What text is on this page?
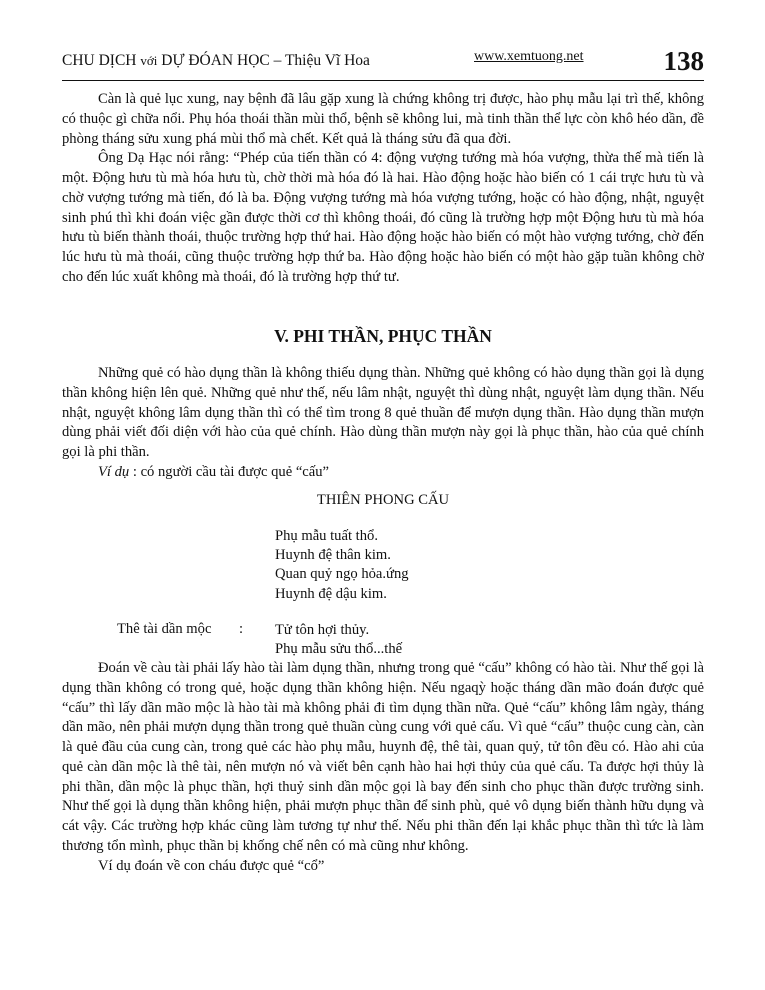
CHU DỊCH với DỰ ĐÓAN HỌC – Thiệu Vĩ Hoa	www.xemtuong.net	138

Càn là quẻ lục xung, nay bệnh đã lâu gặp xung là chứng không trị được, hào phụ mẫu lại trì thế, không có thuộc gì chữa nổi. Phụ hóa thoái thần mùi thổ, bệnh sẽ không lui, mà tinh thần thể lực còn khô héo dần, đề phòng tháng sửu xung phá mùi thổ mà chết. Kết quả là tháng sửu đã qua đời.

Ông Dạ Hạc nói rằng: “Phép của tiến thần có 4: động vượng tướng mà hóa vượng, thừa thế mà tiến là một. Động hưu tù mà hóa hưu tù, chờ thời mà hóa đó là hai. Hào động hoặc hào biến có 1 cái trực hưu tù và chờ vượng tướng mà tiến, đó là ba. Động vượng tướng mà hóa vượng tướng, hoặc có hào động, nhật, nguyệt sinh phú thì khi đoán việc gần được thời cơ thì không thoái, đó cũng là trường hợp một Động hưu tù mà hóa hưu tù biến thành thoái, thuộc trường hợp thứ hai. Hào động hoặc hào biến có một hào vượng tướng, chờ đến lúc hưu tù mà thoái, cũng thuộc trường hợp thứ ba. Hào động hoặc hào biến có một hào gặp tuần không chờ cho đến lúc xuất không mà thoái, đó là trường hợp thứ tư.

V. PHI THẦN, PHỤC THẦN

Những quẻ có hào dụng thần là không thiếu dụng thàn. Những quẻ không có hào dụng thần gọi là dụng thần không hiện lên quẻ. Những quẻ như thế, nếu lâm nhật, nguyệt thì dùng nhật, nguyệt làm dụng thần. Nếu nhật, nguyệt không lâm dụng thần thì có thể tìm trong 8 quẻ thuần để mượn dụng thần. Hào dụng thần mượn dùng phải viết đối diện với hào của quẻ chính. Hào dùng thần mượn này gọi là phục thần, hào của quẻ chính gọi là phi thần.

Ví dụ : có người cầu tài được quẻ “cấu”

THIÊN PHONG CẤU
Phụ mẫu tuất thổ.
Huynh đệ thân kim.
Quan quỷ ngọ hỏa.ứng
Huynh đệ dậu kim.
Thê tài dần mộc : Tử tôn hợi thủy.
Phụ mẫu sửu thổ...thế

Đoán về càu tài phải lấy hào tài làm dụng thần, nhưng trong quẻ “cấu” không có hào tài. Như thế gọi là dụng thần không có trong quẻ, hoặc dụng thần không hiện. Nếu ngaqỳ hoặc tháng dần mão đoán được quẻ “cấu” thì lấy dần mão mộc là hào tài mà không phải đi tìm dụng thần nữa. Quẻ “cấu” không lâm ngày, tháng dần mão, nên phải mượn dụng thần trong quẻ thuần cùng cung với quẻ cấu. Vì quẻ “cấu” thuộc cung càn, càn là quẻ đầu của cung càn, trong quẻ các hào phụ mẫu, huynh đệ, thê tài, quan quỷ, tử tôn đều có. Hào ahi của quẻ càn dần mộc là thê tài, nên mượn nó và viết bên cạnh hào hai hợi thủy của quẻ cấu. Ta được hợi thủy là phi thần, dần mộc là phục thần, hợi thuỷ sinh dần mộc gọi là bay đến sinh cho phục thần được trường sinh. Như thế gọi là dụng thần không hiện, phải mượn phục thần để sinh phù, quẻ vô dụng biến thành hữu dụng và cát vậy. Các trường hợp khác cũng làm tương tự như thế. Nếu phi thần đến lại khắc phục thần thì tức là làm thương tổn mình, phục thần bị khống chế nên có mà cũng như không.

Ví dụ đoán về con cháu được quẻ “cổ”
